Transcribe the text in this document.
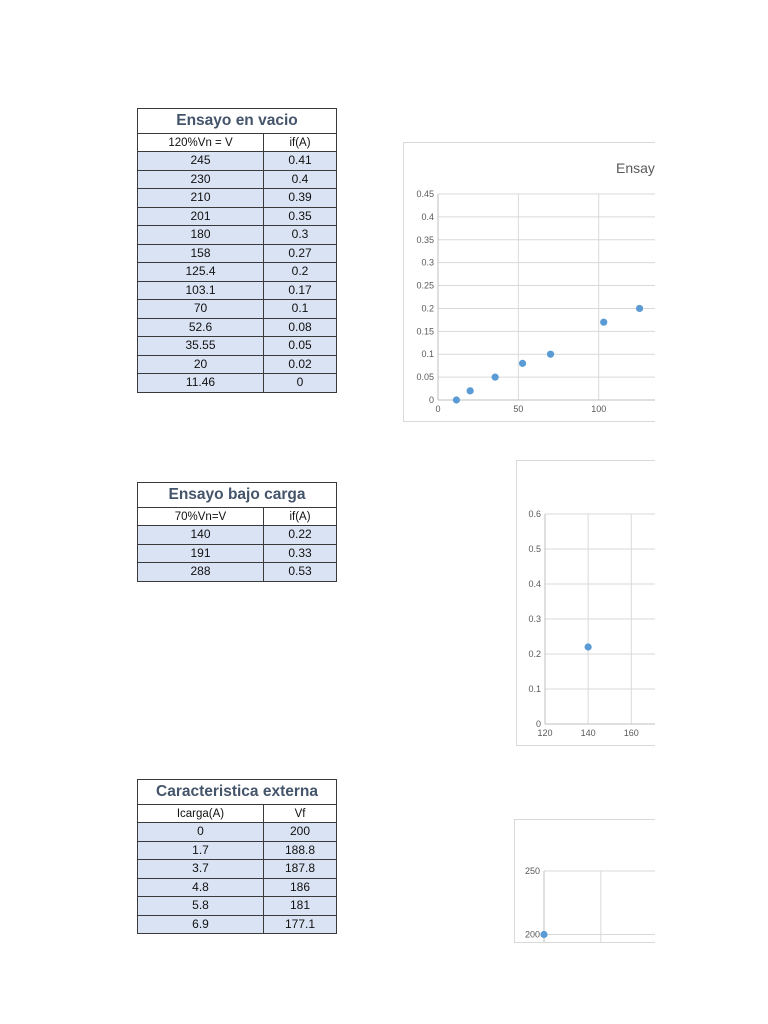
Ensayo en vacio	
120%Vn = V	if(A)
245	0.41
230	0.4
210	0.39
201	0.35
180	0.3
158	0.27
125.4	0.2
103.1	0.17
70	0.1
52.6	0.08
35.55	0.05
20	0.02
11.46	0
Ensayo bajo carga	
70%Vn=V	if(A)
140	0.22
191	0.33
288	0.53
Caracteristica externa	
Icarga(A)	Vf
0	200
1.7	188.8
3.7	187.8
4.8	186
5.8	181
6.9	177.1
0
0.05
0.1
0.15
0.2
0.25
0.3
0.35
0.4
0.45
0	50	100
Ensay
0
0.1
0.2
0.3
0.4
0.5
0.6
120	140	160
200
250
